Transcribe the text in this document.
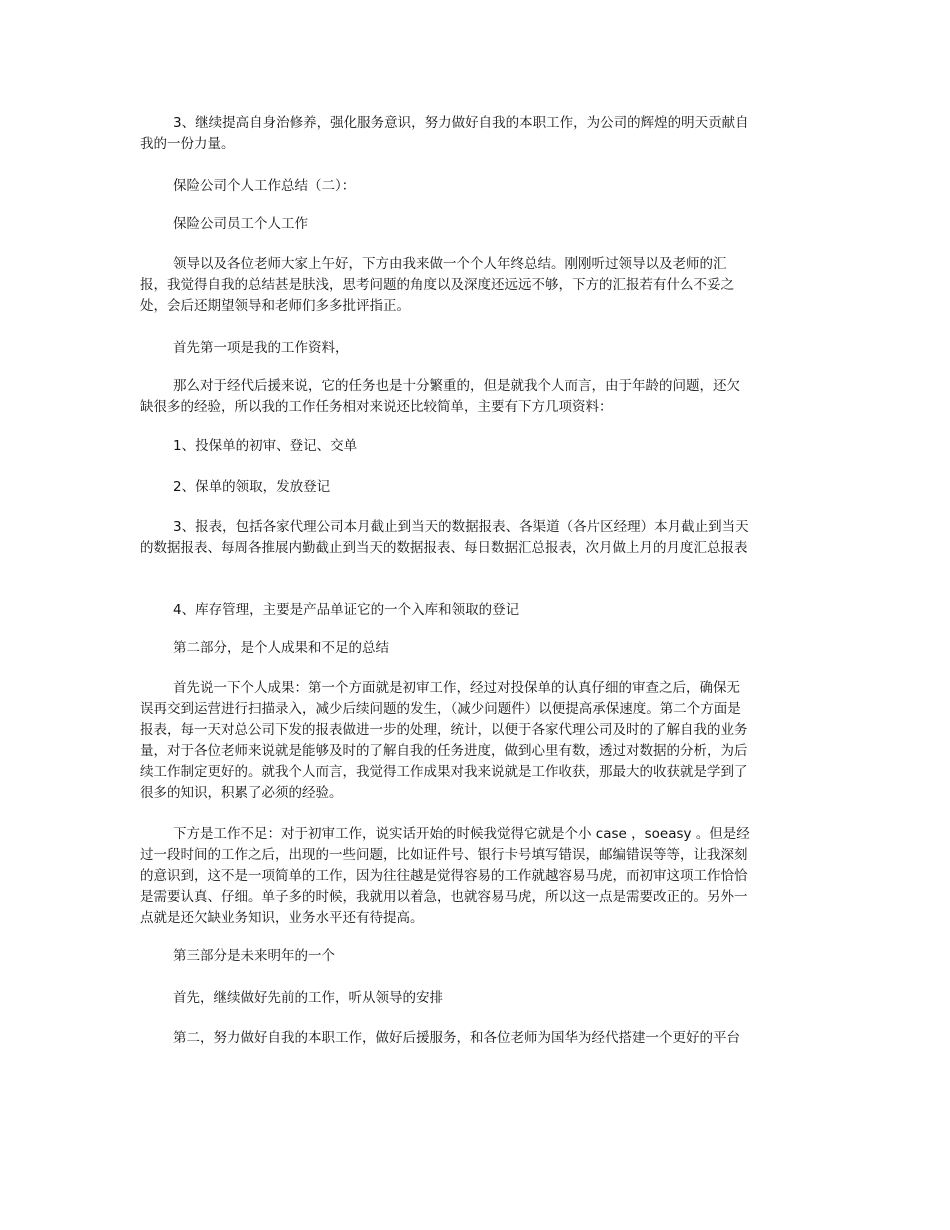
3、继续提高自身治修养，强化服务意识，努力做好自我的本职工作，为公司的辉煌的明天贡献自我的一份力量。

保险公司个人工作总结（二）：

保险公司员工个人工作

领导以及各位老师大家上午好，下方由我来做一个个人年终总结。刚刚听过领导以及老师的汇报，我觉得自我的总结甚是肤浅，思考问题的角度以及深度还远远不够，下方的汇报若有什么不妥之处，会后还期望领导和老师们多多批评指正。

首先第一项是我的工作资料，

那么对于经代后援来说，它的任务也是十分繁重的，但是就我个人而言，由于年龄的问题，还欠缺很多的经验，所以我的工作任务相对来说还比较简单，主要有下方几项资料：

1、投保单的初审、登记、交单

2、保单的领取，发放登记

3、报表，包括各家代理公司本月截止到当天的数据报表、各渠道（各片区经理）本月截止到当天的数据报表、每周各推展内勤截止到当天的数据报表、每日数据汇总报表，次月做上月的月度汇总报表

4、库存管理，主要是产品单证它的一个入库和领取的登记

第二部分，是个人成果和不足的总结

首先说一下个人成果：第一个方面就是初审工作，经过对投保单的认真仔细的审查之后，确保无误再交到运营进行扫描录入，减少后续问题的发生，（减少问题件）以便提高承保速度。第二个方面是报表，每一天对总公司下发的报表做进一步的处理，统计，以便于各家代理公司及时的了解自我的业务量，对于各位老师来说就是能够及时的了解自我的任务进度，做到心里有数，透过对数据的分析，为后续工作制定更好的。就我个人而言，我觉得工作成果对我来说就是工作收获，那最大的收获就是学到了很多的知识，积累了必须的经验。

下方是工作不足：对于初审工作，说实话开始的时候我觉得它就是个小 case ，soeasy 。但是经过一段时间的工作之后，出现的一些问题，比如证件号、银行卡号填写错误，邮编错误等等，让我深刻的意识到，这不是一项简单的工作，因为往往越是觉得容易的工作就越容易马虎，而初审这项工作恰恰是需要认真、仔细。单子多的时候，我就用以着急，也就容易马虎，所以这一点是需要改正的。另外一点就是还欠缺业务知识，业务水平还有待提高。

第三部分是未来明年的一个

首先，继续做好先前的工作，听从领导的安排

第二，努力做好自我的本职工作，做好后援服务，和各位老师为国华为经代搭建一个更好的平台
